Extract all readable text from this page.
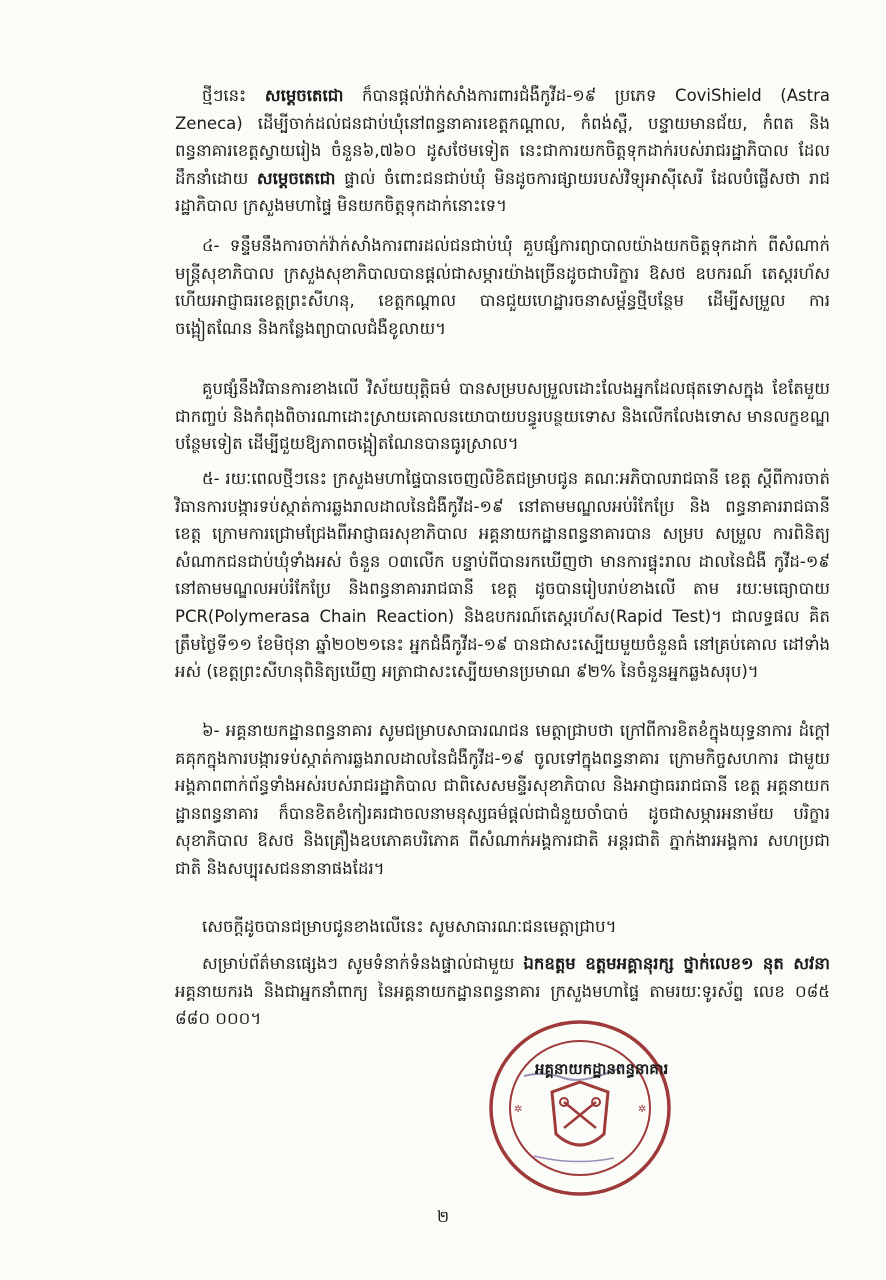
ថ្មីៗនេះ សម្ដេចតេជោ ក៏បានផ្ដល់វ៉ាក់សាំងការពារជំងឺកូវីដ-១៩ ប្រភេទ CoviShield (Astra Zeneca) ដើម្បីចាក់ដល់ជនជាប់ឃុំនៅពន្ធនាគារខេត្តកណ្ដាល, កំពង់ស្ពឺ, បន្ទាយមានជ័យ, កំពត និង ពន្ធនាគារខេត្តស្វាយរៀង ចំនួន៦,៧៦០ ដូសថែមទៀត នេះជាការយកចិត្តទុកដាក់របស់រាជរដ្ឋាភិបាល ដែលដឹកនាំដោយ សម្ដេចតេជោ ផ្ទាល់ ចំពោះជនជាប់ឃុំ មិនដូចការផ្សាយរបស់វិទ្យុអាស៊ីសេរី ដែលបំផ្លើសថា រាជរដ្ឋាភិបាល ក្រសួងមហាផ្ទៃ មិនយកចិត្តទុកដាក់នោះទេ។

៤- ទន្ទឹមនឹងការចាក់វ៉ាក់សាំងការពារដល់ជនជាប់ឃុំ គួបផ្សំការព្យាបាលយ៉ាងយកចិត្តទុកដាក់ ពីសំណាក់មន្ត្រីសុខាភិបាល ក្រសួងសុខាភិបាលបានផ្ដល់ជាសម្ភារយ៉ាងច្រើនដូចជាបរិក្ខារ ឱសថ ឧបករណ៍ តេស្តរហ័ស ហើយអាជ្ញាធរខេត្តព្រះសីហនុ, ខេត្តកណ្ដាល បានជួយហេដ្ឋារចនាសម្ព័ន្ធថ្មីបន្ថែម ដើម្បីសម្រួល ការចង្អៀតណែន និងកន្លែងព្យាបាលជំងឺខូលាយ។

គួបផ្សំនឹងវិធានការខាងលើ វិស័យយុត្តិធម៌ បានសម្របសម្រួលដោះលែងអ្នកដែលផុតទោសក្នុង ខែតែមួយជាកញ្ចប់ និងកំពុងពិចារណាដោះស្រាយគោលនយោបាយបន្ធូរបន្ថយទោស និងលើកលែងទោស មានលក្ខខណ្ឌបន្ថែមទៀត ដើម្បីជួយឱ្យភាពចង្អៀតណែនបានធូរស្រាល។

៥- រយៈពេលថ្មីៗនេះ ក្រសួងមហាផ្ទៃបានចេញលិខិតជម្រាបជូន គណៈអភិបាលរាជធានី ខេត្ត ស្ដីពីការចាត់វិធានការបង្ការទប់ស្កាត់ការឆ្លងរាលដាលនៃជំងឺកូវីដ-១៩ នៅតាមមណ្ឌលអប់រំកែប្រែ និង ពន្ធនាគាររាជធានី ខេត្ត ក្រោមការជ្រោមជ្រែងពីអាជ្ញាធរសុខាភិបាល អគ្គនាយកដ្ឋានពន្ធនាគារបាន សម្រប សម្រួល ការពិនិត្យសំណាកជនជាប់ឃុំទាំងអស់ ចំនួន ០៣លើក បន្ទាប់ពីបានរកឃើញថា មានការផ្ទុះរាល ដាលនៃជំងឺ កូវីដ-១៩ នៅតាមមណ្ឌលអប់រំកែប្រែ និងពន្ធនាគាររាជធានី ខេត្ត ដូចបានរៀបរាប់ខាងលើ តាម រយៈមធ្យោបាយ PCR(Polymerasa Chain Reaction) និងឧបករណ៍តេស្តរហ័ស(Rapid Test)។ ជាលទ្ធផល គិតត្រឹមថ្ងៃទី១១ ខែមិថុនា ឆ្នាំ២០២១នេះ អ្នកជំងឺកូវីដ-១៩ បានជាសះស្បើយមួយចំនួនធំ នៅគ្រប់គោល ដៅទាំងអស់ (ខេត្តព្រះសីហនុពិនិត្យឃើញ អត្រាជាសះស្បើយមានប្រមាណ ៩២% នៃចំនួនអ្នកឆ្លងសរុប)។

៦- អគ្គនាយកដ្ឋានពន្ធនាគារ សូមជម្រាបសាធារណជន មេត្តាជ្រាបថា ក្រៅពីការខិតខំក្នុងយុទ្ធនាការ ដំក្ដៅគគុកក្នុងការបង្ការទប់ស្កាត់ការឆ្លងរាលដាលនៃជំងឺកូវីដ-១៩ ចូលទៅក្នុងពន្ធនាគារ ក្រោមកិច្ចសហការ ជាមួយអង្គភាពពាក់ព័ន្ធទាំងអស់របស់រាជរដ្ឋាភិបាល ជាពិសេសមន្ទីរសុខាភិបាល និងអាជ្ញាធររាជធានី ខេត្ត អគ្គនាយកដ្ឋានពន្ធនាគារ ក៏បានខិតខំកៀរគរជាចលនាមនុស្សធម៌ផ្ដល់ជាជំនួយចាំបាច់ ដូចជាសម្ភារអនាម័យ បរិក្ខារសុខាភិបាល ឱសថ និងគ្រឿងឧបភោគបរិភោគ ពីសំណាក់អង្គការជាតិ អន្តរជាតិ ភ្នាក់ងារអង្គការ សហប្រជាជាតិ និងសប្បុរសជននានាផងដែរ។

សេចក្ដីដូចបានជម្រាបជូនខាងលើនេះ សូមសាធារណៈជនមេត្តាជ្រាប។

សម្រាប់ព័ត៌មានផ្សេងៗ សូមទំនាក់ទំនងផ្ទាល់ជាមួយ ឯកឧត្តម ឧត្តមអគ្គានុរក្ស ថ្នាក់លេខ១ នុត សវនា អគ្គនាយករង និងជាអ្នកនាំពាក្យ នៃអគ្គនាយកដ្ឋានពន្ធនាគារ ក្រសួងមហាផ្ទៃ តាមរយៈទូរស័ព្ទ លេខ ០៨៥ ៨៨០ ០០០។

✲	✲
អគ្គនាយកដ្ឋានពន្ធនាគារ
២
